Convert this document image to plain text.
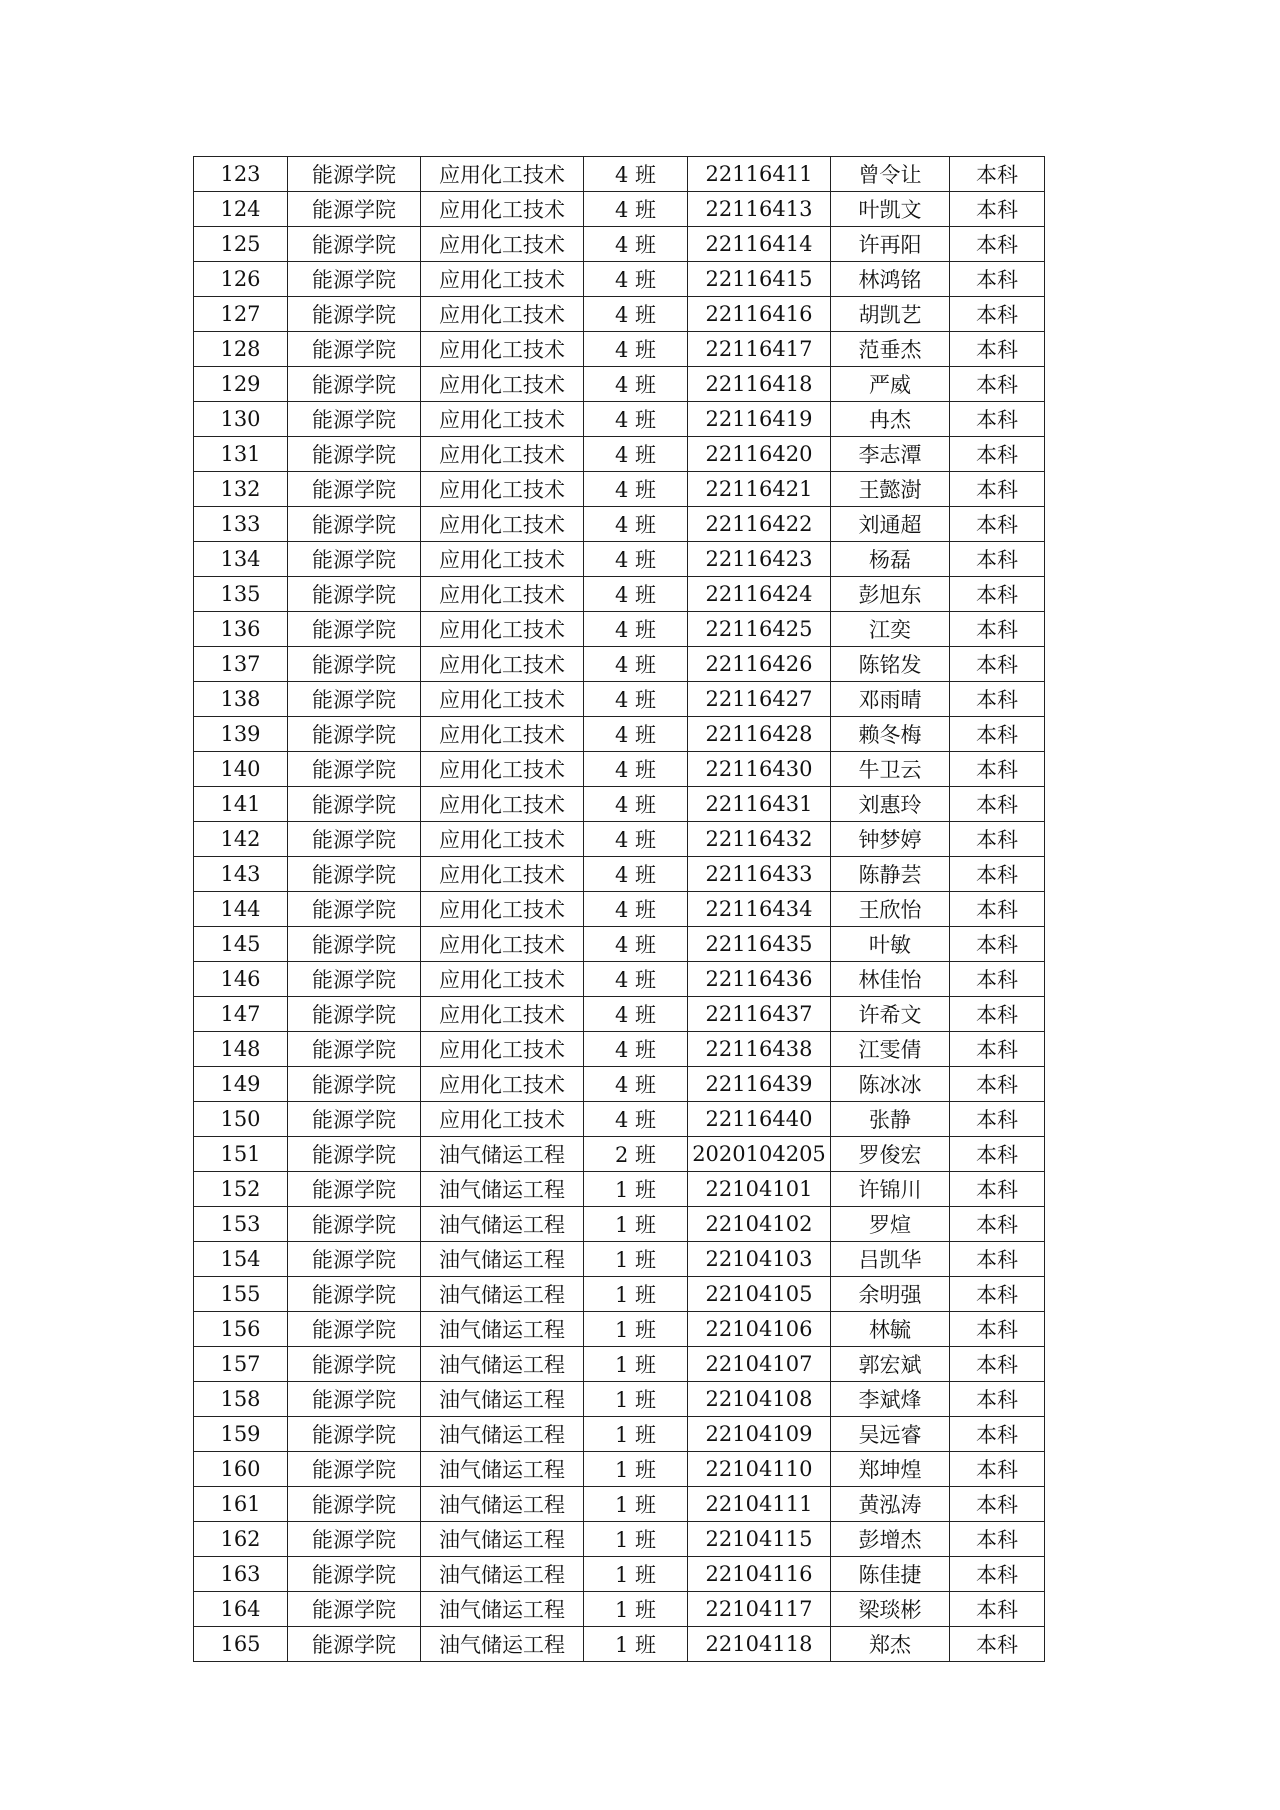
123	能源学院	应用化工技术	4 班	22116411	曾令让	本科
124	能源学院	应用化工技术	4 班	22116413	叶凯文	本科
125	能源学院	应用化工技术	4 班	22116414	许再阳	本科
126	能源学院	应用化工技术	4 班	22116415	林鸿铭	本科
127	能源学院	应用化工技术	4 班	22116416	胡凯艺	本科
128	能源学院	应用化工技术	4 班	22116417	范垂杰	本科
129	能源学院	应用化工技术	4 班	22116418	严威	本科
130	能源学院	应用化工技术	4 班	22116419	冉杰	本科
131	能源学院	应用化工技术	4 班	22116420	李志潭	本科
132	能源学院	应用化工技术	4 班	22116421	王懿澍	本科
133	能源学院	应用化工技术	4 班	22116422	刘通超	本科
134	能源学院	应用化工技术	4 班	22116423	杨磊	本科
135	能源学院	应用化工技术	4 班	22116424	彭旭东	本科
136	能源学院	应用化工技术	4 班	22116425	江奕	本科
137	能源学院	应用化工技术	4 班	22116426	陈铭发	本科
138	能源学院	应用化工技术	4 班	22116427	邓雨晴	本科
139	能源学院	应用化工技术	4 班	22116428	赖冬梅	本科
140	能源学院	应用化工技术	4 班	22116430	牛卫云	本科
141	能源学院	应用化工技术	4 班	22116431	刘惠玲	本科
142	能源学院	应用化工技术	4 班	22116432	钟梦婷	本科
143	能源学院	应用化工技术	4 班	22116433	陈静芸	本科
144	能源学院	应用化工技术	4 班	22116434	王欣怡	本科
145	能源学院	应用化工技术	4 班	22116435	叶敏	本科
146	能源学院	应用化工技术	4 班	22116436	林佳怡	本科
147	能源学院	应用化工技术	4 班	22116437	许希文	本科
148	能源学院	应用化工技术	4 班	22116438	江雯倩	本科
149	能源学院	应用化工技术	4 班	22116439	陈冰冰	本科
150	能源学院	应用化工技术	4 班	22116440	张静	本科
151	能源学院	油气储运工程	2 班	2020104205	罗俊宏	本科
152	能源学院	油气储运工程	1 班	22104101	许锦川	本科
153	能源学院	油气储运工程	1 班	22104102	罗煊	本科
154	能源学院	油气储运工程	1 班	22104103	吕凯华	本科
155	能源学院	油气储运工程	1 班	22104105	余明强	本科
156	能源学院	油气储运工程	1 班	22104106	林毓	本科
157	能源学院	油气储运工程	1 班	22104107	郭宏斌	本科
158	能源学院	油气储运工程	1 班	22104108	李斌烽	本科
159	能源学院	油气储运工程	1 班	22104109	吴远睿	本科
160	能源学院	油气储运工程	1 班	22104110	郑坤煌	本科
161	能源学院	油气储运工程	1 班	22104111	黄泓涛	本科
162	能源学院	油气储运工程	1 班	22104115	彭增杰	本科
163	能源学院	油气储运工程	1 班	22104116	陈佳捷	本科
164	能源学院	油气储运工程	1 班	22104117	梁琰彬	本科
165	能源学院	油气储运工程	1 班	22104118	郑杰	本科
